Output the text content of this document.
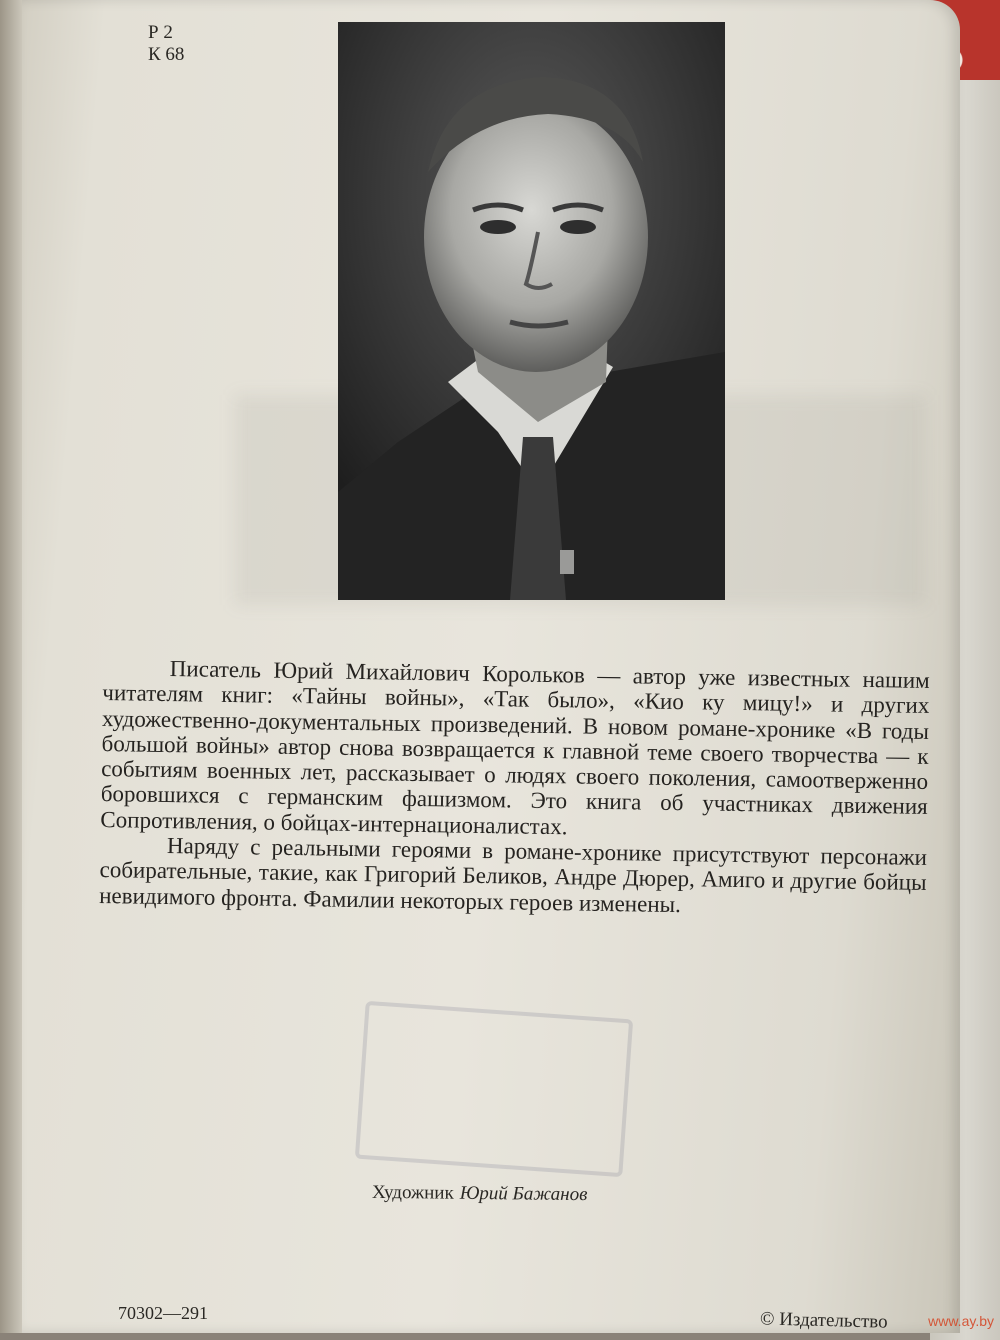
Р 2
К 68

Писатель Юрий Михайлович Корольков — автор уже известных нашим читателям книг: «Тайны войны», «Так было», «Кио ку мицу!» и других художественно-документальных произведений. В новом романе-хронике «В годы большой войны» автор снова возвращается к главной теме своего творчества — к событиям военных лет, рассказывает о людях своего поколения, самоотверженно боровшихся с германским фашизмом. Это книга об участниках движения Сопротивления, о бойцах-интернационалистах.

Наряду с реальными героями в романе-хронике присутствуют персонажи собирательные, такие, как Григорий Беликов, Андре Дюрер, Амиго и другие бойцы невидимого фронта. Фамилии некоторых героев изменены.

Художник Юрий Бажанов
70302—291	© Издательство	www.ay.by
